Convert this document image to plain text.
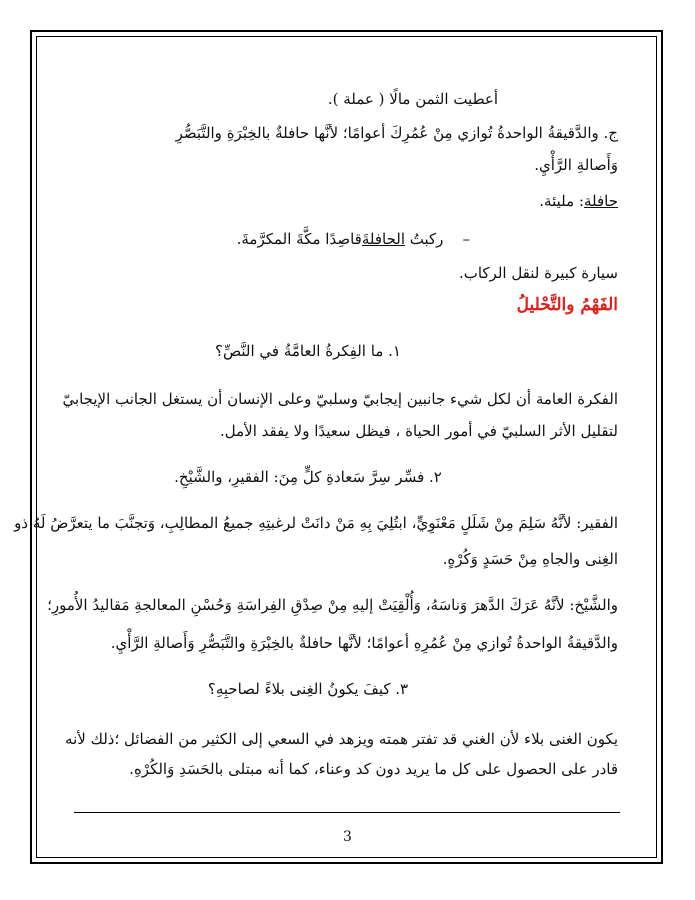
أعطيت الثمن مالًا ( عملة ).
ج. والدَّقيقةُ الواحدةُ تُوازي مِنْ عُمُرِكَ أعوامًا؛ لأنَّها حافلةٌ بالخِبْرَةِ والتَّبَصُّرِ
وَأَصالةِ الرَّأْيِ.
حافلة: مليئة.
–    ركبتُ الحافلةَقاصِدًا مكَّةَ المكرَّمةَ.
سيارة كبيرة لنقل الركاب.
الفَهْمُ والتَّحْليلُ
١. ما الفِكرةُ العامَّةُ في النَّصِّ؟
الفكرة العامة أن لكل شيء جانبين إيجابيّ وسلبيّ وعلى الإنسان أن يستغل الجانب الإيجابيّ
لتقليل الأثر السلبيّ في أمور الحياة ، فيظل سعيدًا ولا يفقد الأمل.
٢. فسِّر سِرَّ سَعادةِ كلٍّ مِنَ: الفقيرِ، والشَّيْخِ.
الفقير: لأنَّهُ سَلِمَ مِنْ شَلَلٍ مَعْنَوِيٍّ، ابتُلِيَ بِهِ مَنْ دانَتْ لرغبتِهِ جميعُ المطالِبِ، وَتجنَّبَ ما يتعرَّضُ لَهُ ذو
الغِنى والجاهِ مِنْ حَسَدٍ وَكُرْهٍ.
والشَّيْخ: لأنَّهُ عَرَكَ الدَّهرَ وَناسَهُ، وَأُلْقِيَتْ إليهِ مِنْ صِدْقِ الفِراسَةِ وَحُسْنِ المعالجةِ مَقاليدُ الأُمورِ؛
والدَّقيقةُ الواحدةُ تُوازي مِنْ عُمُرِهِ أعوامًا؛ لأنَّها حافلةٌ بالخِبْرَةِ والتَّبَصُّرِ وَأَصالةِ الرَّأْيِ.
٣. كيفَ يكونُ الغِنى بلاءً لصاحبِهِ؟
يكون الغنى بلاء لأن الغني قد تفتر همته ويزهد في السعي إلى الكثير من الفضائل ؛ذلك لأنه
قادر على الحصول على كل ما يريد دون كد وعناء، كما أنه مبتلى بالحَسَدِ وَالكُرْهِ.
3
